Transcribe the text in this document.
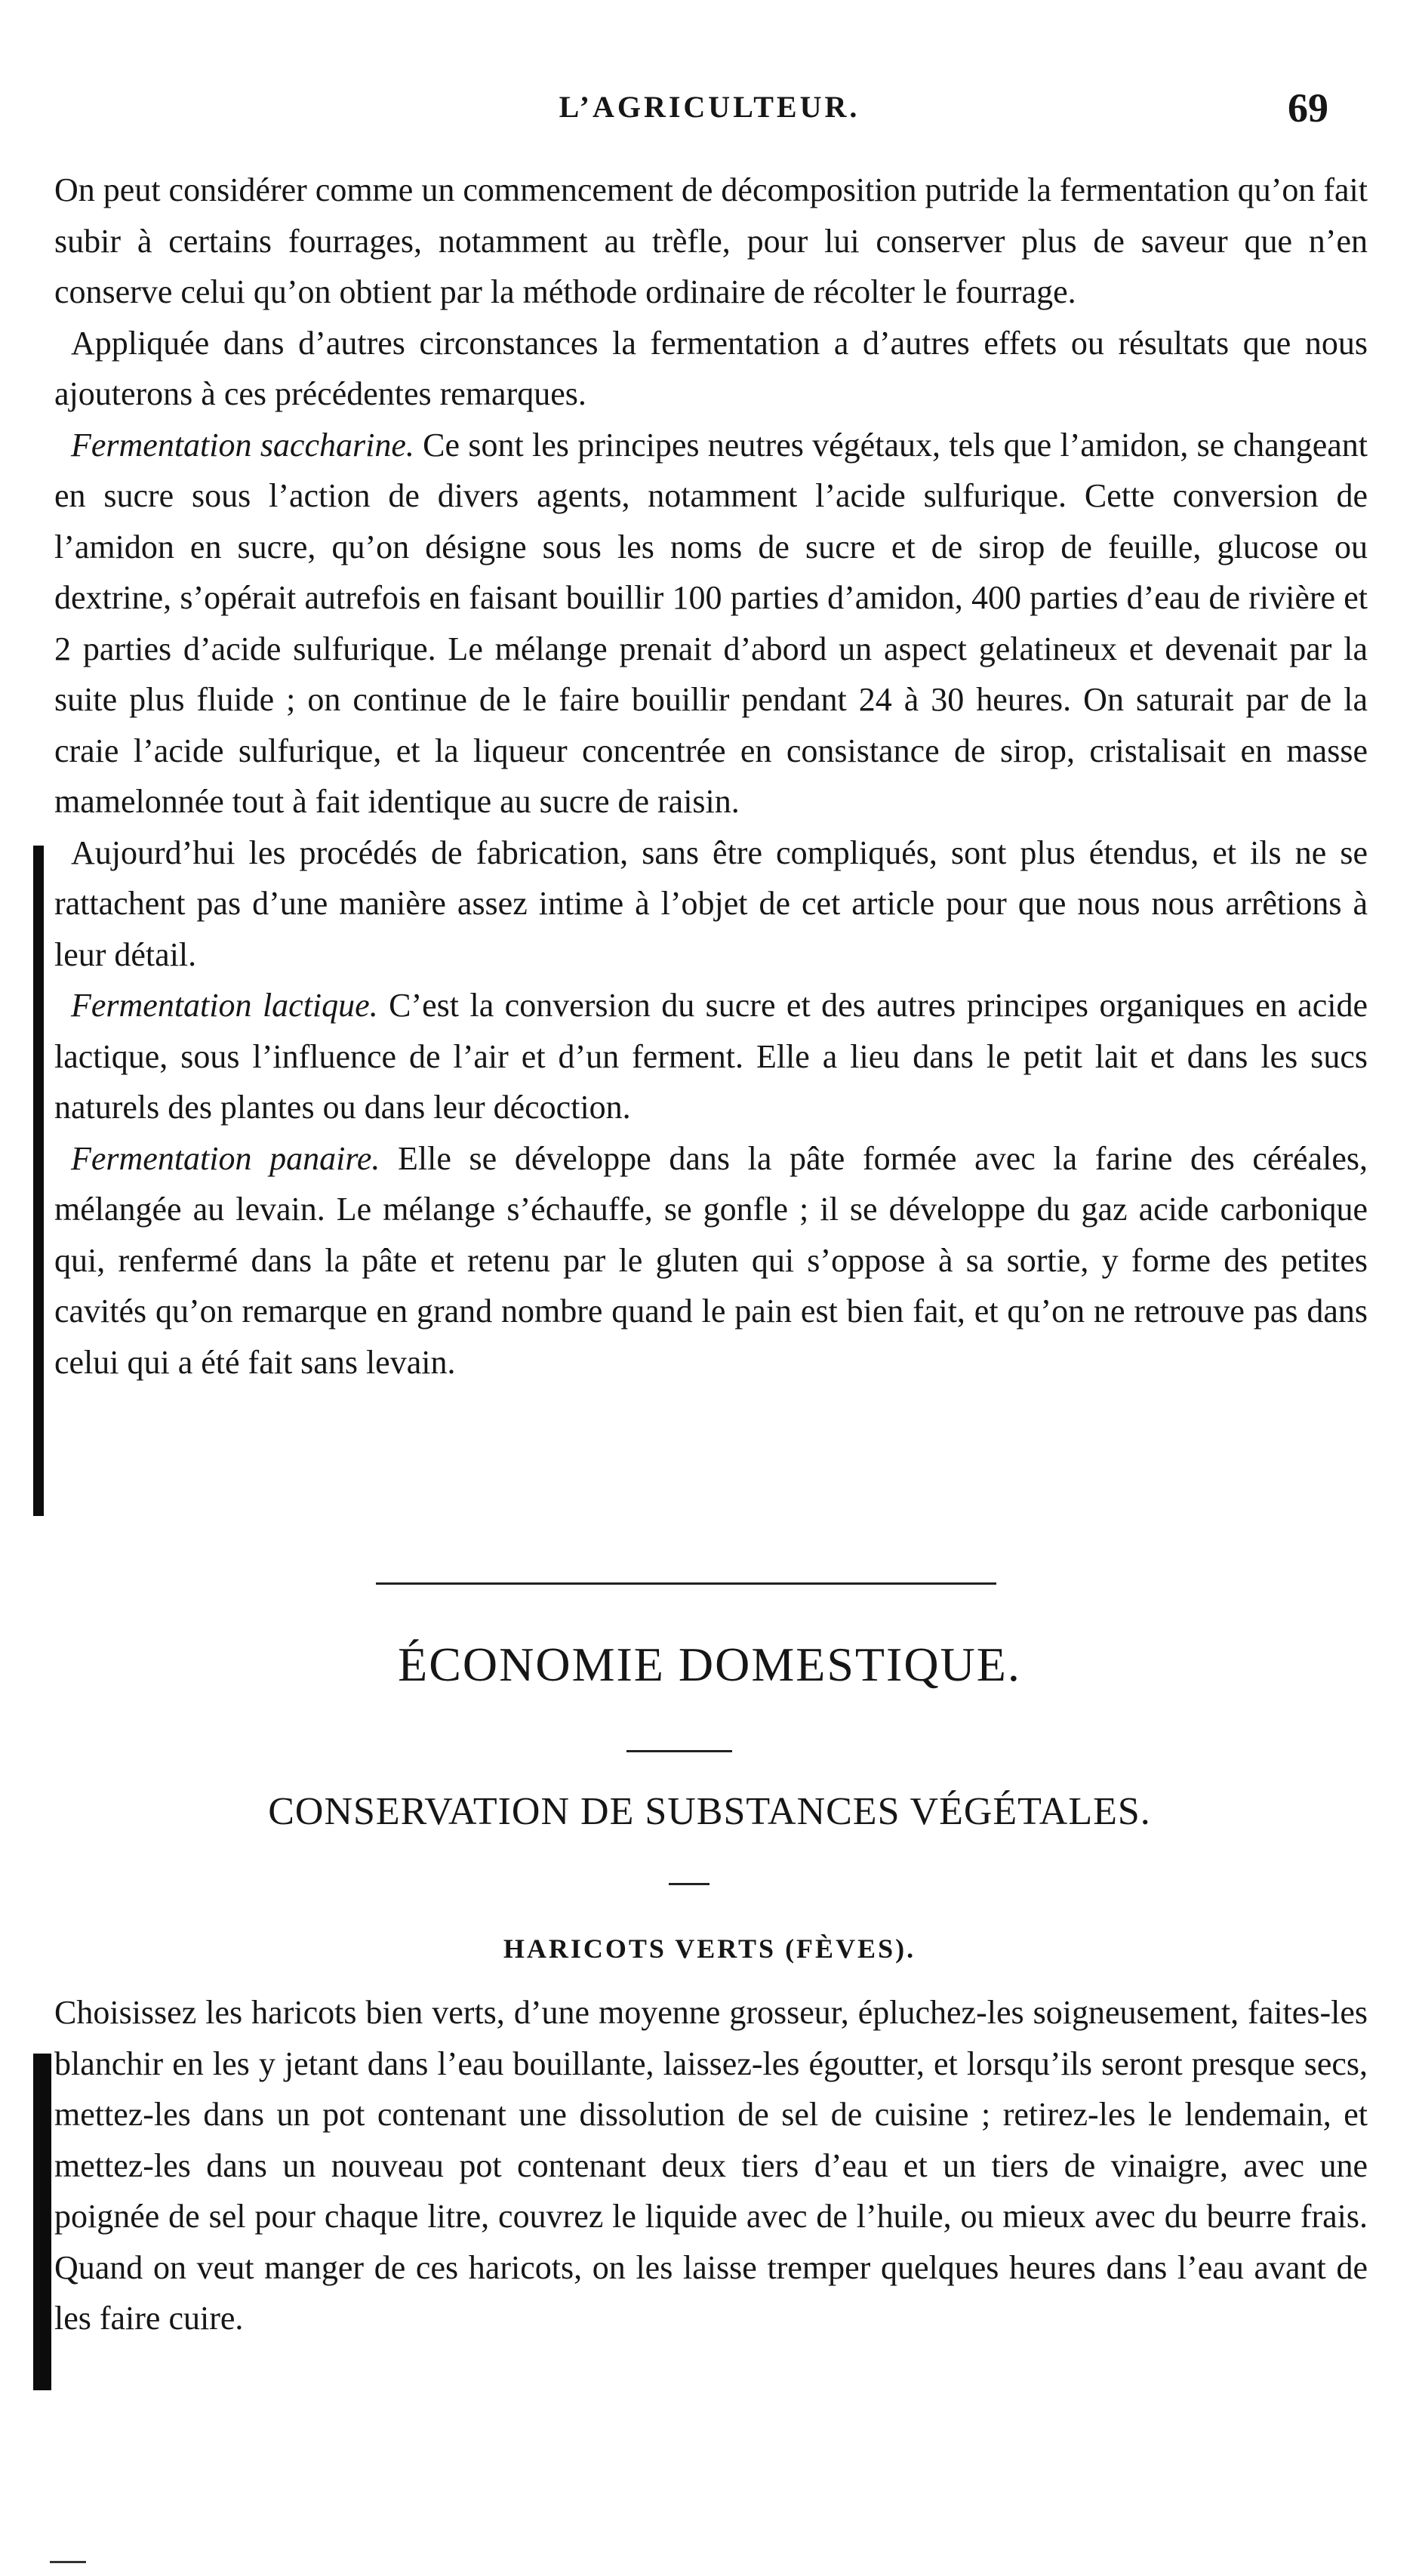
L’AGRICULTEUR.	69

On peut considérer comme un commencement de décomposition putride la fermentation qu’on fait subir à certains fourrages, notamment au trèfle, pour lui conserver plus de saveur que n’en conserve celui qu’on obtient par la méthode ordinaire de récolter le fourrage.

Appliquée dans d’autres circonstances la fermentation a d’autres effets ou résultats que nous ajouterons à ces précédentes remarques.

Fermentation saccharine. Ce sont les principes neutres végétaux, tels que l’amidon, se changeant en sucre sous l’action de divers agents, notamment l’acide sulfurique. Cette conversion de l’amidon en sucre, qu’on désigne sous les noms de sucre et de sirop de feuille, glucose ou dextrine, s’opérait autrefois en faisant bouillir 100 parties d’amidon, 400 parties d’eau de rivière et 2 parties d’acide sulfurique. Le mélange prenait d’abord un aspect gelatineux et devenait par la suite plus fluide ; on continue de le faire bouillir pendant 24 à 30 heures. On saturait par de la craie l’acide sulfurique, et la liqueur concentrée en consistance de sirop, cristalisait en masse mamelonnée tout à fait identique au sucre de raisin.

Aujourd’hui les procédés de fabrication, sans être compliqués, sont plus étendus, et ils ne se rattachent pas d’une manière assez intime à l’objet de cet article pour que nous nous arrêtions à leur détail.

Fermentation lactique. C’est la conversion du sucre et des autres principes organiques en acide lactique, sous l’influence de l’air et d’un ferment. Elle a lieu dans le petit lait et dans les sucs naturels des plantes ou dans leur décoction.

Fermentation panaire. Elle se développe dans la pâte formée avec la farine des céréales, mélangée au levain. Le mélange s’échauffe, se gonfle ; il se développe du gaz acide carbonique qui, renfermé dans la pâte et retenu par le gluten qui s’oppose à sa sortie, y forme des petites cavités qu’on remarque en grand nombre quand le pain est bien fait, et qu’on ne retrouve pas dans celui qui a été fait sans levain.

ÉCONOMIE DOMESTIQUE.
CONSERVATION DE SUBSTANCES VÉGÉTALES.
HARICOTS VERTS (FÈVES).

Choisissez les haricots bien verts, d’une moyenne grosseur, épluchez-les soigneusement, faites-les blanchir en les y jetant dans l’eau bouillante, laissez-les égoutter, et lorsqu’ils seront presque secs, mettez-les dans un pot contenant une dissolution de sel de cuisine ; retirez-les le lendemain, et mettez-les dans un nouveau pot contenant deux tiers d’eau et un tiers de vinaigre, avec une poignée de sel pour chaque litre, couvrez le liquide avec de l’huile, ou mieux avec du beurre frais. Quand on veut manger de ces haricots, on les laisse tremper quelques heures dans l’eau avant de les faire cuire.
